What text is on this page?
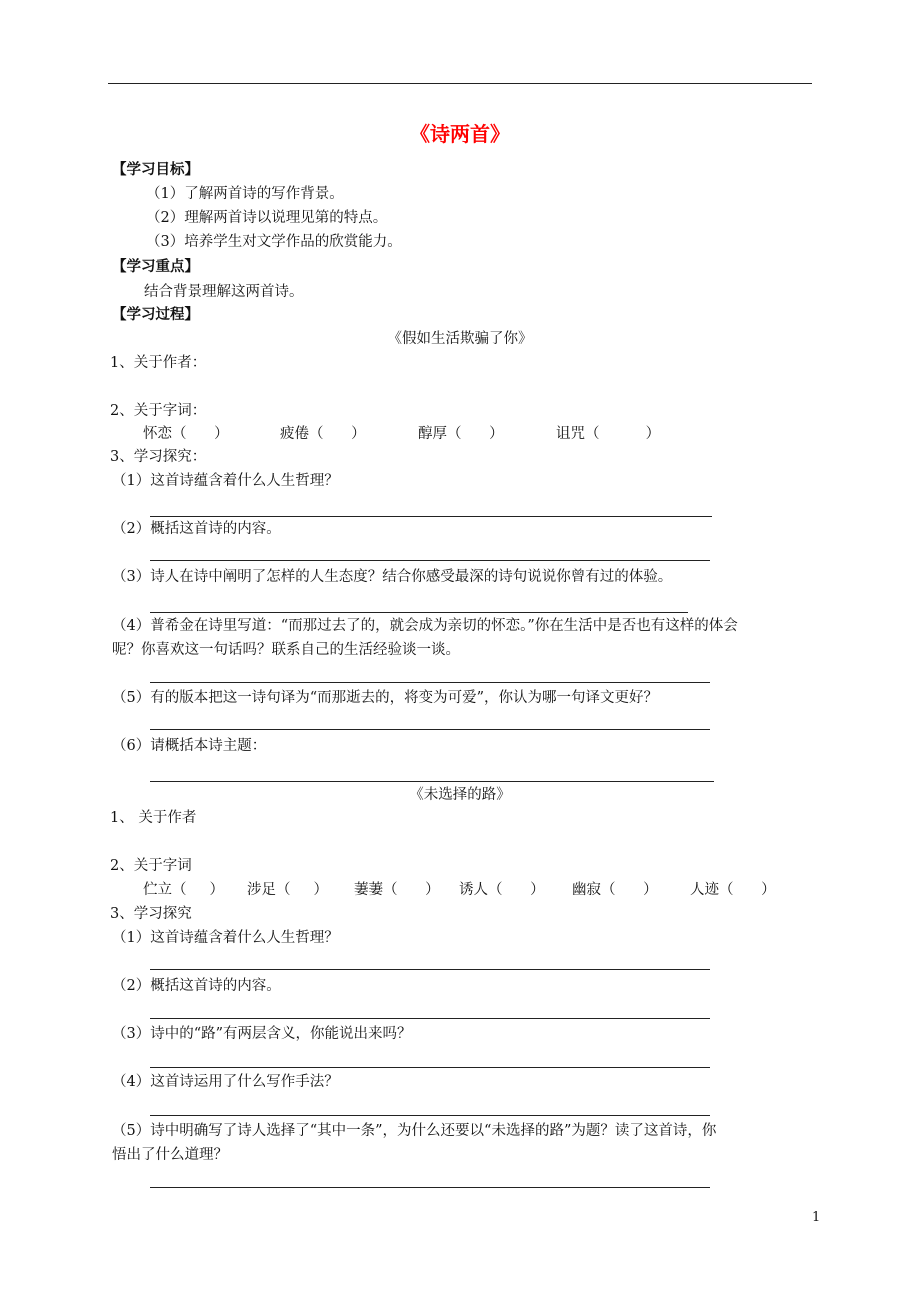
《诗两首》
【学习目标】
（1）了解两首诗的写作背景。
（2）理解两首诗以说理见第的特点。
（3）培养学生对文学作品的欣赏能力。
【学习重点】
结合背景理解这两首诗。
【学习过程】
《假如生活欺骗了你》
1、关于作者：
2、关于字词：
怀恋（      ）	疲倦（      ）	醇厚（      ）	诅咒（          ）
3、学习探究：
（1）这首诗蕴含着什么人生哲理？
（2）概括这首诗的内容。
（3）诗人在诗中阐明了怎样的人生态度？结合你感受最深的诗句说说你曾有过的体验。
（4）普希金在诗里写道：“而那过去了的，就会成为亲切的怀恋。”你在生活中是否也有这样的体会
呢？你喜欢这一句话吗？联系自己的生活经验谈一谈。
（5）有的版本把这一诗句译为“而那逝去的，将变为可爱”，你认为哪一句译文更好？
（6）请概括本诗主题：
《未选择的路》
1、 关于作者
2、关于字词
伫立（     ） 涉足（     ） 萋萋（      ） 诱人（      ） 幽寂（      ） 人迹（      ）
3、学习探究
（1）这首诗蕴含着什么人生哲理？
（2）概括这首诗的内容。
（3）诗中的“路”有两层含义，你能说出来吗？
（4）这首诗运用了什么写作手法？
（5）诗中明确写了诗人选择了“其中一条”，为什么还要以“未选择的路”为题？读了这首诗，你
悟出了什么道理？
1
